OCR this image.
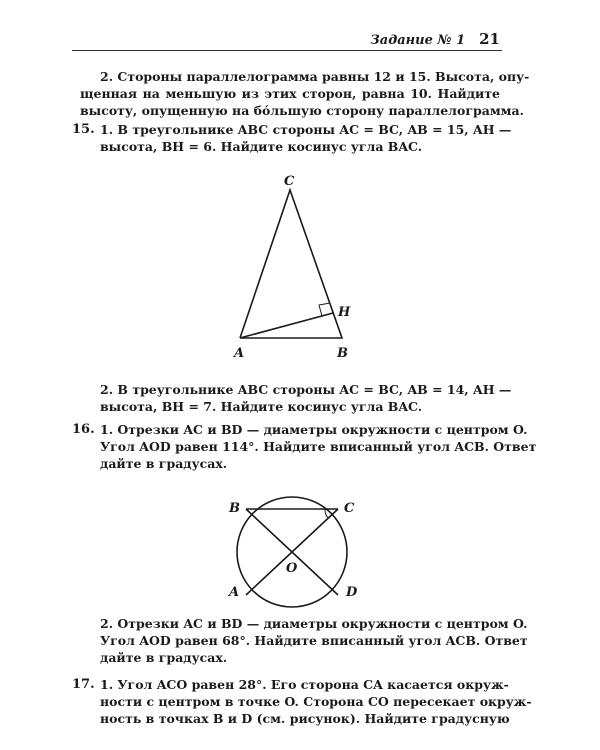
Задание № 1 21
2. Стороны параллелограмма равны 12 и 15. Высота, опу-
щенная на меньшую из этих сторон, равна 10. Найдите
высоту, опущенную на бо́льшую сторону параллелограмма.
15. 1. В треугольнике ABC стороны AC = BC, AB = 15, AH —
высота, BH = 6. Найдите косинус угла BAC.
C
H
A	B
2. В треугольнике ABC стороны AC = BC, AB = 14, AH —
высота, BH = 7. Найдите косинус угла BAC.
16. 1. Отрезки AC и BD — диаметры окружности с центром O.
Угол AOD равен 114°. Найдите вписанный угол ACB. Ответ
дайте в градусах.
B	C
O
A	D
2. Отрезки AC и BD — диаметры окружности с центром O.
Угол AOD равен 68°. Найдите вписанный угол ACB. Ответ
дайте в градусах.
17. 1. Угол ACO равен 28°. Его сторона CA касается окруж-
ности с центром в точке O. Сторона CO пересекает окруж-
ность в точках B и D (см. рисунок). Найдите градусную
